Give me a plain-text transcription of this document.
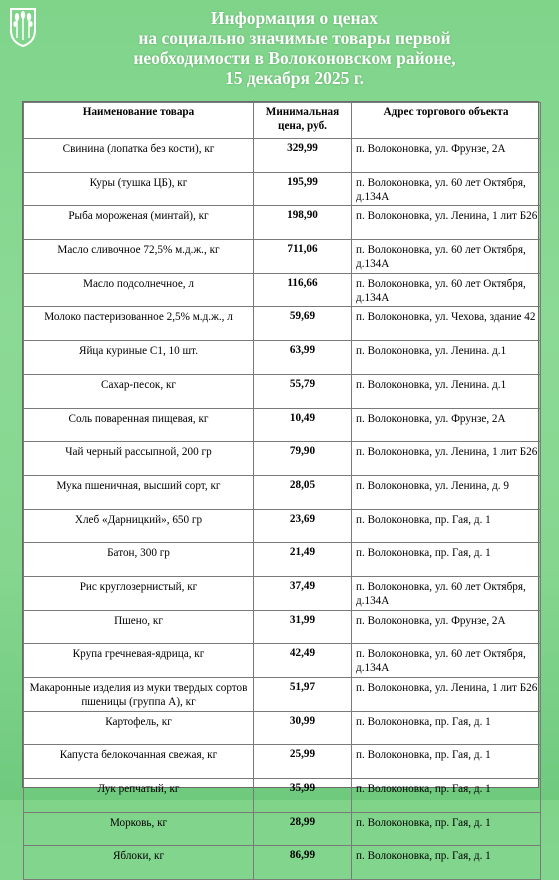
Информация о ценах
на социально значимые товары первой
необходимости в Волоконовском районе,
15 декабря 2025 г.
Наименование товара	Минимальная цена, руб.	Адрес торгового объекта
Свинина (лопатка без кости), кг	329,99	п. Волоконовка, ул. Фрунзе, 2А
Куры (тушка ЦБ), кг	195,99	п. Волоконовка, ул. 60 лет Октября, д.134А
Рыба мороженая (минтай), кг	198,90	п. Волоконовка, ул. Ленина, 1 лит Б26
Масло сливочное 72,5% м.д.ж., кг	711,06	п. Волоконовка, ул. 60 лет Октября, д.134А
Масло подсолнечное, л	116,66	п. Волоконовка, ул. 60 лет Октября, д.134А
Молоко пастеризованное 2,5% м.д.ж., л	59,69	п. Волоконовка, ул. Чехова, здание 42
Яйца куриные С1, 10 шт.	63,99	п. Волоконовка, ул. Ленина. д.1
Сахар-песок, кг	55,79	п. Волоконовка, ул. Ленина. д.1
Соль поваренная пищевая, кг	10,49	п. Волоконовка, ул. Фрунзе, 2А
Чай черный рассыпной, 200 гр	79,90	п. Волоконовка, ул. Ленина, 1 лит Б26
Мука пшеничная, высший сорт, кг	28,05	п. Волоконовка, ул. Ленина, д. 9
Хлеб «Дарницкий», 650 гр	23,69	п. Волоконовка, пр. Гая, д. 1
Батон, 300 гр	21,49	п. Волоконовка, пр. Гая, д. 1
Рис круглозернистый, кг	37,49	п. Волоконовка, ул. 60 лет Октября, д.134А
Пшено, кг	31,99	п. Волоконовка, ул. Фрунзе, 2А
Крупа гречневая-ядрица, кг	42,49	п. Волоконовка, ул. 60 лет Октября, д.134А
Макаронные изделия из муки твердых сортов пшеницы (группа А), кг	51,97	п. Волоконовка, ул. Ленина, 1 лит Б26
Картофель, кг	30,99	п. Волоконовка, пр. Гая, д. 1
Капуста белокочанная свежая, кг	25,99	п. Волоконовка, пр. Гая, д. 1
Лук репчатый, кг	35,99	п. Волоконовка, пр. Гая, д. 1
Морковь, кг	28,99	п. Волоконовка, пр. Гая, д. 1
Яблоки, кг	86,99	п. Волоконовка, пр. Гая, д. 1
